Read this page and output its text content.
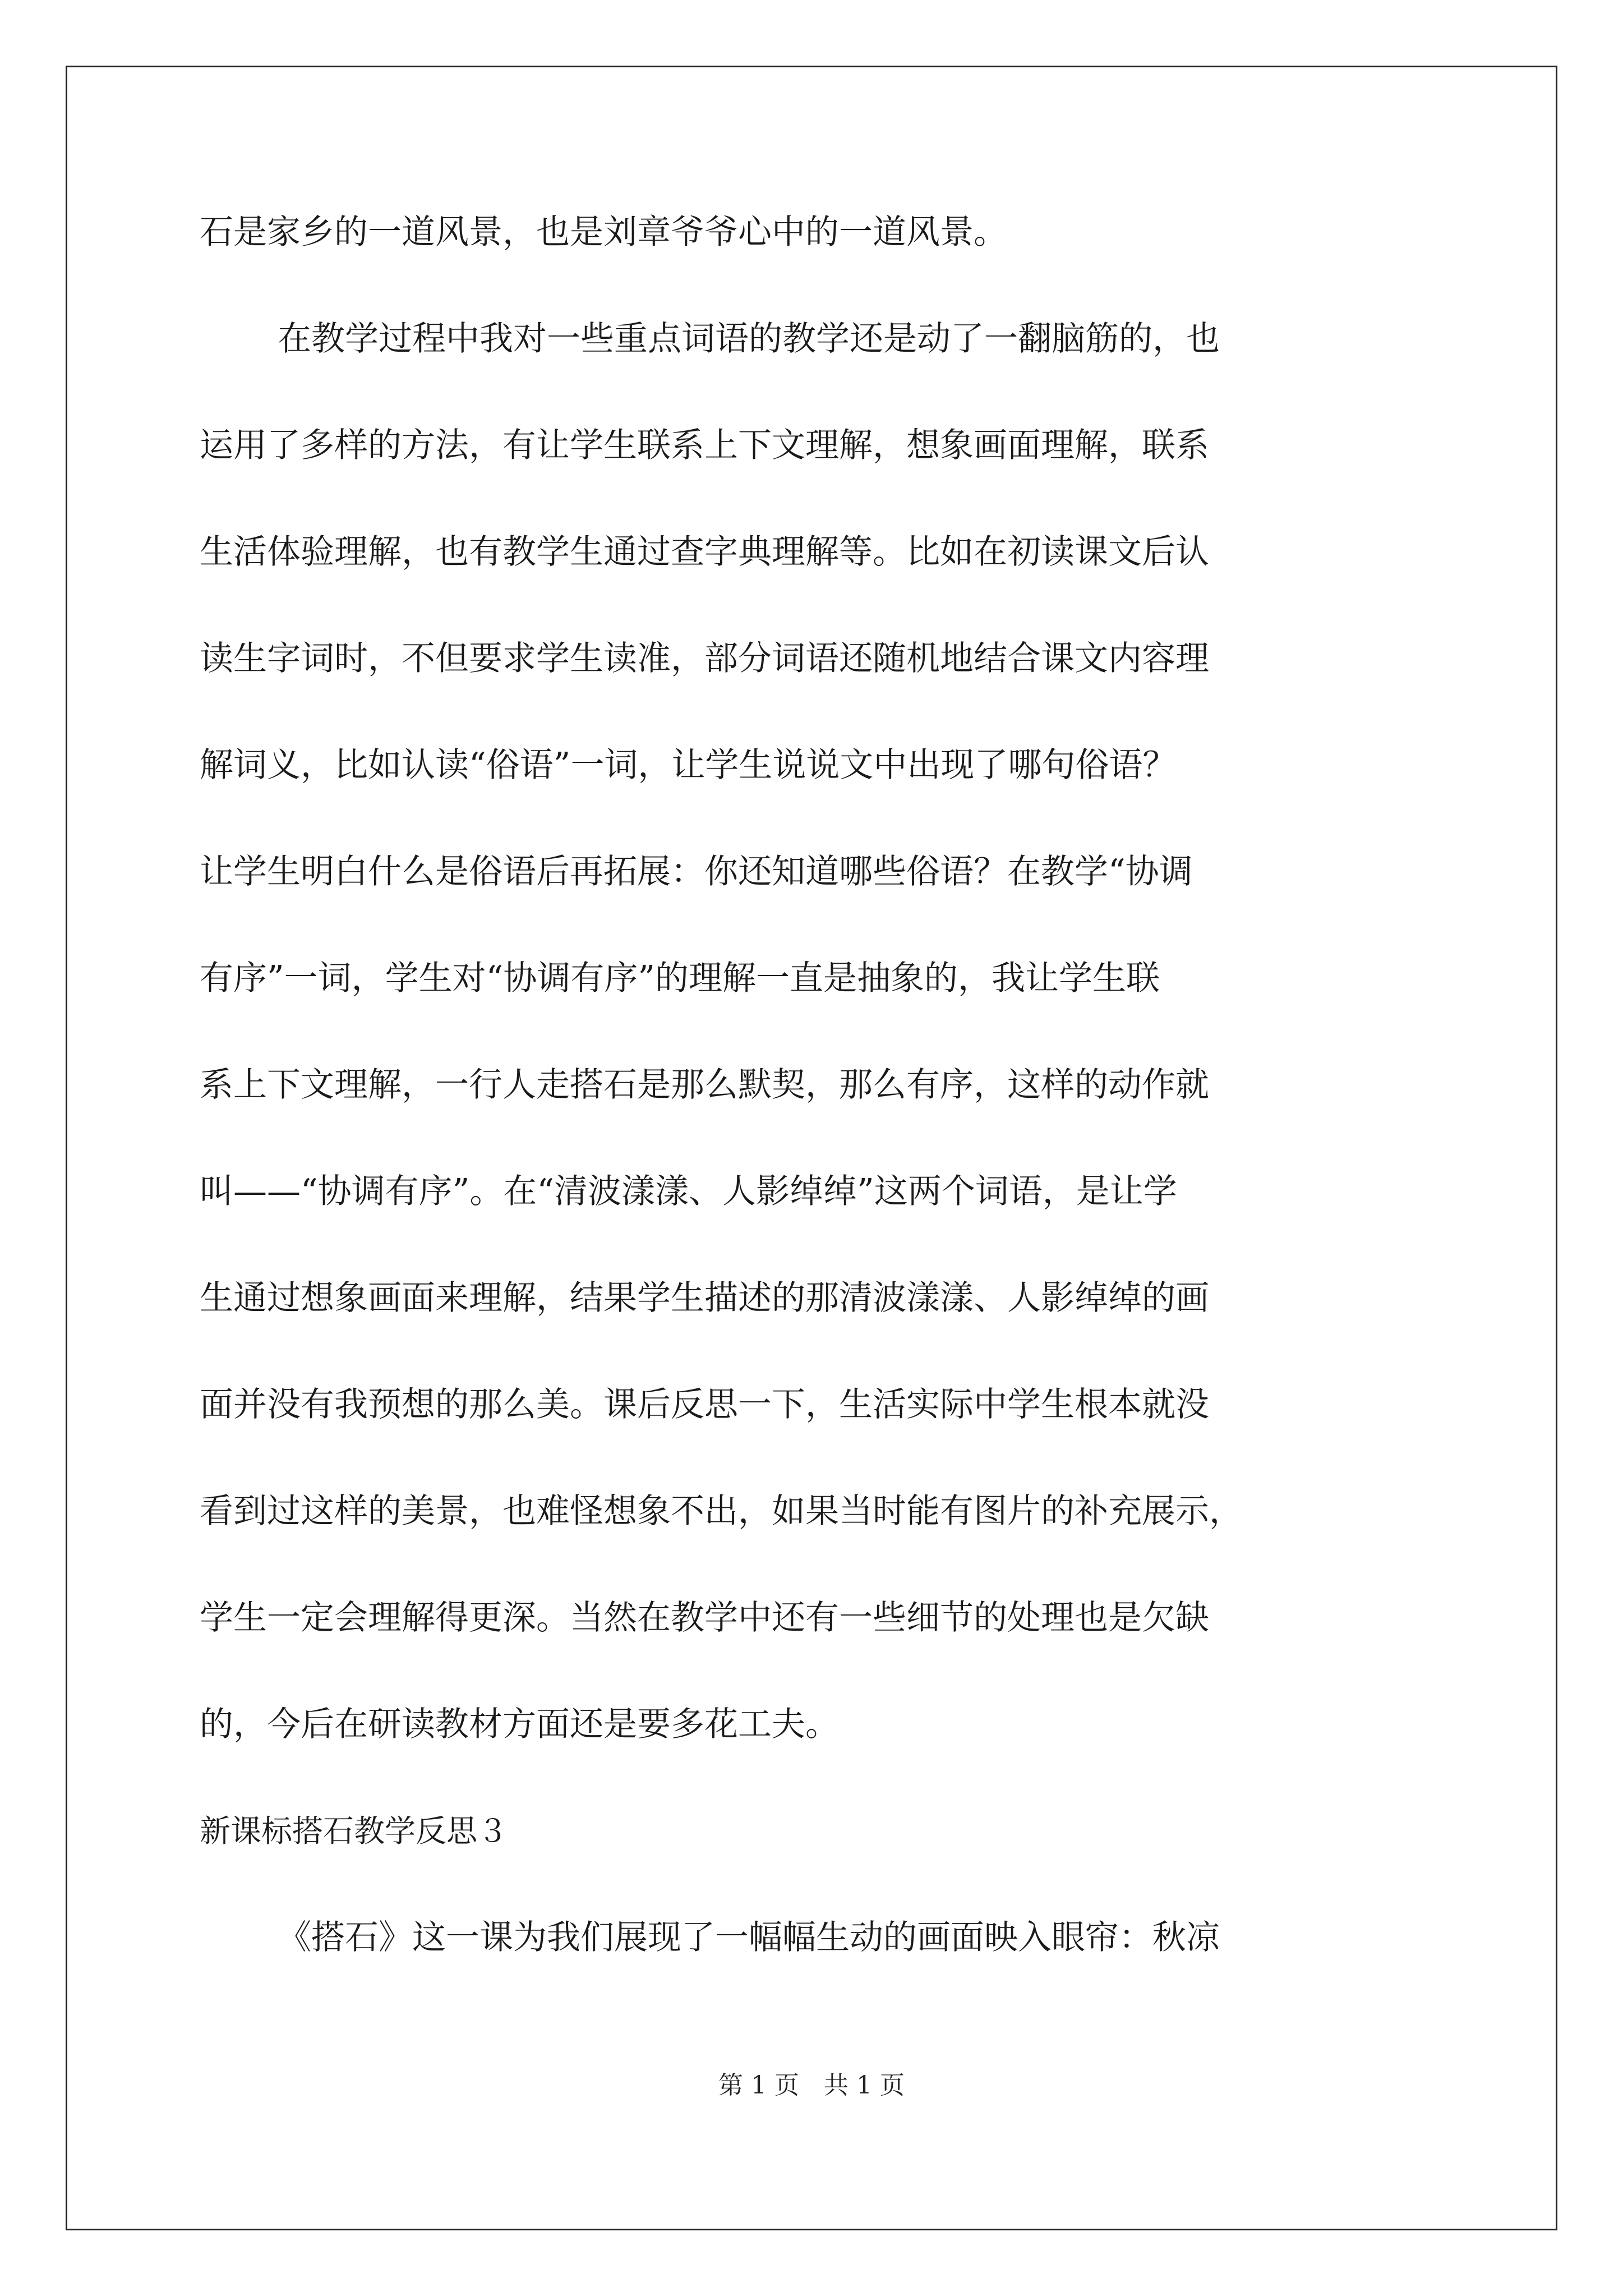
石是家乡的一道风景，也是刘章爷爷心中的一道风景。
在教学过程中我对一些重点词语的教学还是动了一翻脑筋的，也
运用了多样的方法，有让学生联系上下文理解，想象画面理解，联系
生活体验理解，也有教学生通过查字典理解等。比如在初读课文后认
读生字词时，不但要求学生读准，部分词语还随机地结合课文内容理
解词义，比如认读“俗语”一词，让学生说说文中出现了哪句俗语？
让学生明白什么是俗语后再拓展：你还知道哪些俗语？在教学“协调
有序”一词，学生对“协调有序”的理解一直是抽象的，我让学生联
系上下文理解，一行人走搭石是那么默契，那么有序，这样的动作就
叫——“协调有序”。在“清波漾漾、人影绰绰”这两个词语，是让学
生通过想象画面来理解，结果学生描述的那清波漾漾、人影绰绰的画
面并没有我预想的那么美。课后反思一下，生活实际中学生根本就没
看到过这样的美景，也难怪想象不出，如果当时能有图片的补充展示，
学生一定会理解得更深。当然在教学中还有一些细节的处理也是欠缺
的，今后在研读教材方面还是要多花工夫。
新课标搭石教学反思３
《搭石》这一课为我们展现了一幅幅生动的画面映入眼帘：秋凉
第 1 页　共 1 页
